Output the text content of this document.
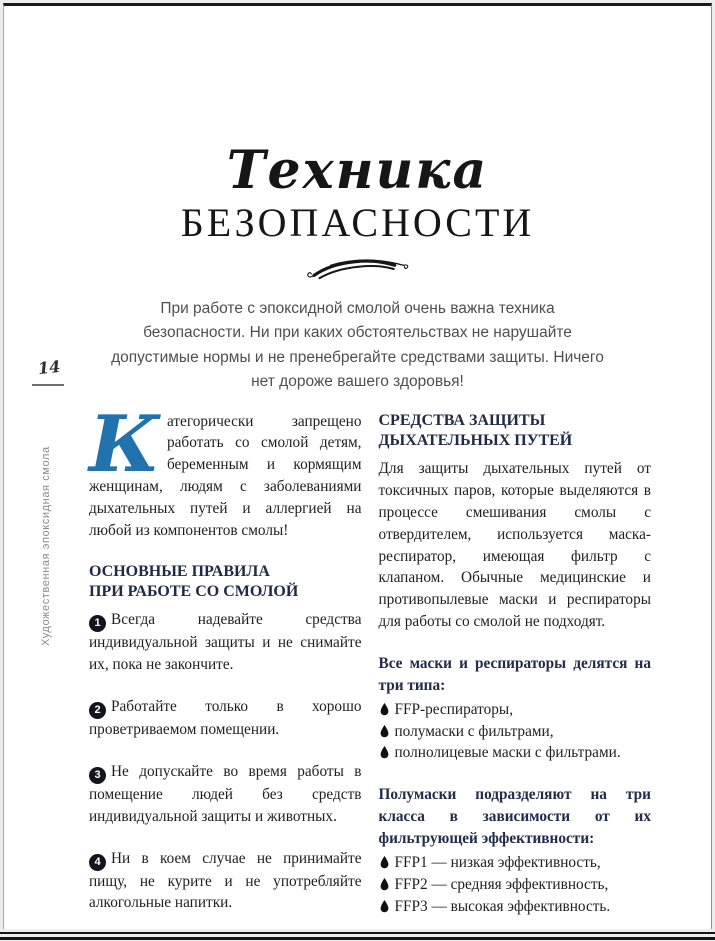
14
Художественная эпоксидная смола
Техника
БЕЗОПАСНОСТИ

При работе с эпоксидной смолой очень важна техника безопасности. Ни при каких обстоятельствах не нарушайте допустимые нормы и не пренебрегайте средствами защиты. Ничего нет дороже вашего здоровья!

Категорически запрещено работать со смолой детям, беременным и кормящим женщинам, людям с заболеваниями дыхательных путей и аллергией на любой из компонентов смолы!

ОСНОВНЫЕ ПРАВИЛА
ПРИ РАБОТЕ СО СМОЛОЙ

1 Всегда надевайте средства индивидуальной защиты и не снимайте их, пока не закончите.

2 Работайте только в хорошо проветриваемом помещении.

3 Не допускайте во время работы в помещение людей без средств индивидуальной защиты и животных.

4 Ни в коем случае не принимайте пищу, не курите и не употребляйте алкогольные напитки.

СРЕДСТВА ЗАЩИТЫ
ДЫХАТЕЛЬНЫХ ПУТЕЙ

Для защиты дыхательных путей от токсичных паров, которые выделяются в процессе смешивания смолы с отвердителем, используется маска-респиратор, имеющая фильтр с клапаном. Обычные медицинские и противопылевые маски и респираторы для работы со смолой не подходят.

Все маски и респираторы делятся на три типа:

FFP-респираторы,
полумаски с фильтрами,
полнолицевые маски с фильтрами.

Полумаски подразделяют на три класса в зависимости от их фильтрующей эффективности:

FFP1 — низкая эффективность,
FFP2 — средняя эффективность,
FFP3 — высокая эффективность.
